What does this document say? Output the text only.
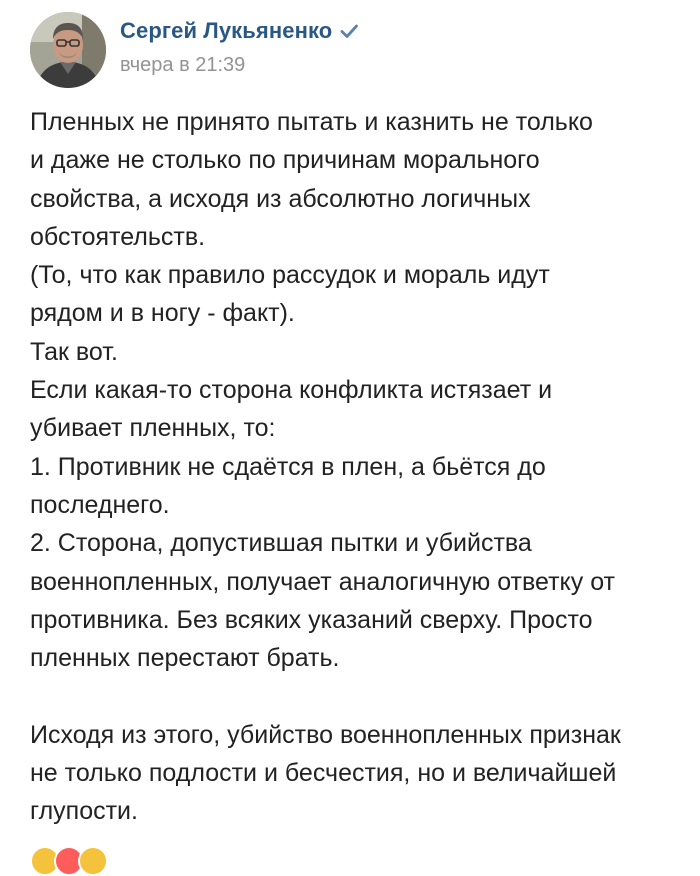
Сергей Лукьяненко
вчера в 21:39

Пленных не принято пытать и казнить не только

и даже не столько по причинам морального

свойства, а исходя из абсолютно логичных

обстоятельств.

(То, что как правило рассудок и мораль идут

рядом и в ногу - факт).

Так вот.

Если какая-то сторона конфликта истязает и

убивает пленных, то:

1. Противник не сдаётся в плен, а бьётся до

последнего.

2. Сторона, допустившая пытки и убийства

военнопленных, получает аналогичную ответку от

противника. Без всяких указаний сверху. Просто

пленных перестают брать.

Исходя из этого, убийство военнопленных признак

не только подлости и бесчестия, но и величайшей

глупости.
